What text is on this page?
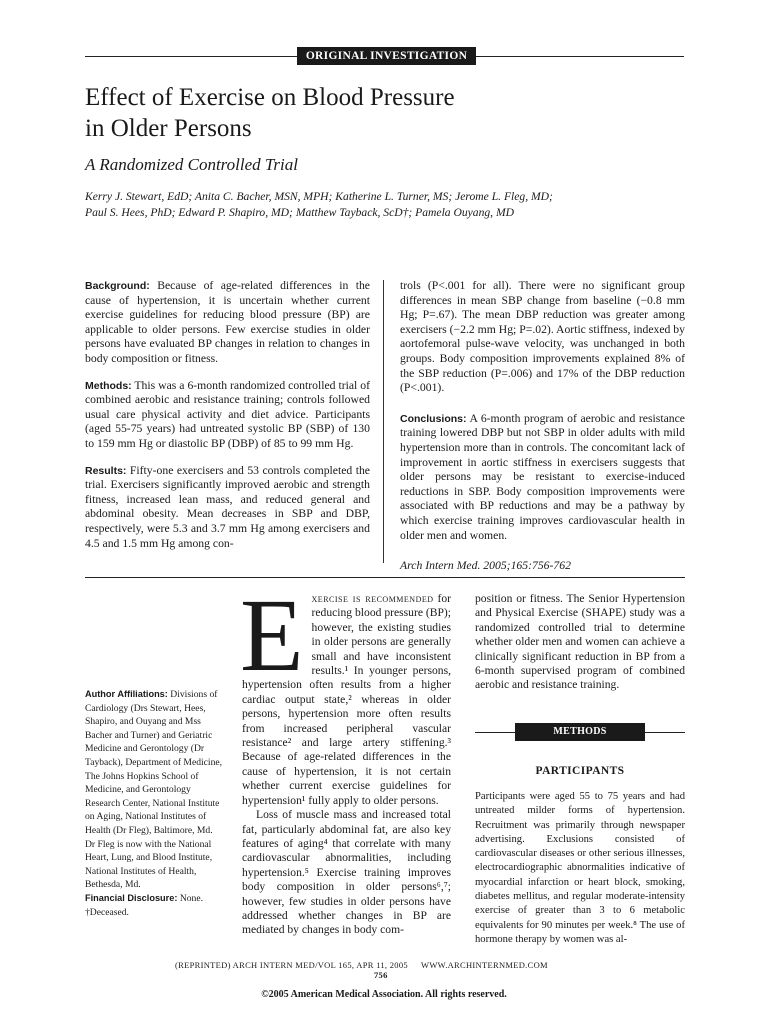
ORIGINAL INVESTIGATION
Effect of Exercise on Blood Pressure
in Older Persons
A Randomized Controlled Trial
Kerry J. Stewart, EdD; Anita C. Bacher, MSN, MPH; Katherine L. Turner, MS; Jerome L. Fleg, MD;
Paul S. Hees, PhD; Edward P. Shapiro, MD; Matthew Tayback, ScD†; Pamela Ouyang, MD

Background: Because of age-related differences in the cause of hypertension, it is uncertain whether current exercise guidelines for reducing blood pressure (BP) are applicable to older persons. Few exercise studies in older persons have evaluated BP changes in relation to changes in body composition or fitness.

Methods: This was a 6-month randomized controlled trial of combined aerobic and resistance training; controls followed usual care physical activity and diet advice. Participants (aged 55-75 years) had untreated systolic BP (SBP) of 130 to 159 mm Hg or diastolic BP (DBP) of 85 to 99 mm Hg.

Results: Fifty-one exercisers and 53 controls completed the trial. Exercisers significantly improved aerobic and strength fitness, increased lean mass, and reduced general and abdominal obesity. Mean decreases in SBP and DBP, respectively, were 5.3 and 3.7 mm Hg among exercisers and 4.5 and 1.5 mm Hg among con-

trols (P<.001 for all). There were no significant group differences in mean SBP change from baseline (−0.8 mm Hg; P=.67). The mean DBP reduction was greater among exercisers (−2.2 mm Hg; P=.02). Aortic stiffness, indexed by aortofemoral pulse-wave velocity, was unchanged in both groups. Body composition improvements explained 8% of the SBP reduction (P=.006) and 17% of the DBP reduction (P<.001).

Conclusions: A 6-month program of aerobic and resistance training lowered DBP but not SBP in older adults with mild hypertension more than in controls. The concomitant lack of improvement in aortic stiffness in exercisers suggests that older persons may be resistant to exercise-induced reductions in SBP. Body composition improvements were associated with BP reductions and may be a pathway by which exercise training improves cardiovascular health in older men and women.

Arch Intern Med. 2005;165:756-762

Author Affiliations: Divisions of Cardiology (Drs Stewart, Hees, Shapiro, and Ouyang and Mss Bacher and Turner) and Geriatric Medicine and Gerontology (Dr Tayback), Department of Medicine, The Johns Hopkins School of Medicine, and Gerontology Research Center, National Institute on Aging, National Institutes of Health (Dr Fleg), Baltimore, Md. Dr Fleg is now with the National Heart, Lung, and Blood Institute, National Institutes of Health, Bethesda, Md.
Financial Disclosure: None.
†Deceased.

Exercise is recommended for reducing blood pressure (BP); however, the existing studies in older persons are generally small and have inconsistent results.¹ In younger persons, hypertension often results from a higher cardiac output state,² whereas in older persons, hypertension more often results from increased peripheral vascular resistance² and large artery stiffening.³ Because of age-related differences in the cause of hypertension, it is not certain whether current exercise guidelines for hypertension¹ fully apply to older persons.

Loss of muscle mass and increased total fat, particularly abdominal fat, are also key features of aging⁴ that correlate with many cardiovascular abnormalities, including hypertension.⁵ Exercise training improves body composition in older persons⁶,⁷; however, few studies in older persons have addressed whether changes in BP are mediated by changes in body com-

position or fitness. The Senior Hypertension and Physical Exercise (SHAPE) study was a randomized controlled trial to determine whether older men and women can achieve a clinically significant reduction in BP from a 6-month supervised program of combined aerobic and resistance training.

METHODS
PARTICIPANTS

Participants were aged 55 to 75 years and had untreated milder forms of hypertension. Recruitment was primarily through newspaper advertising. Exclusions consisted of cardiovascular diseases or other serious illnesses, electrocardiographic abnormalities indicative of myocardial infarction or heart block, smoking, diabetes mellitus, and regular moderate-intensity exercise of greater than 3 to 6 metabolic equivalents for 90 minutes per week.⁸ The use of hormone therapy by women was al-

(REPRINTED) ARCH INTERN MED/VOL 165, APR 11, 2005 WWW.ARCHINTERNMED.COM
756
©2005 American Medical Association. All rights reserved.
